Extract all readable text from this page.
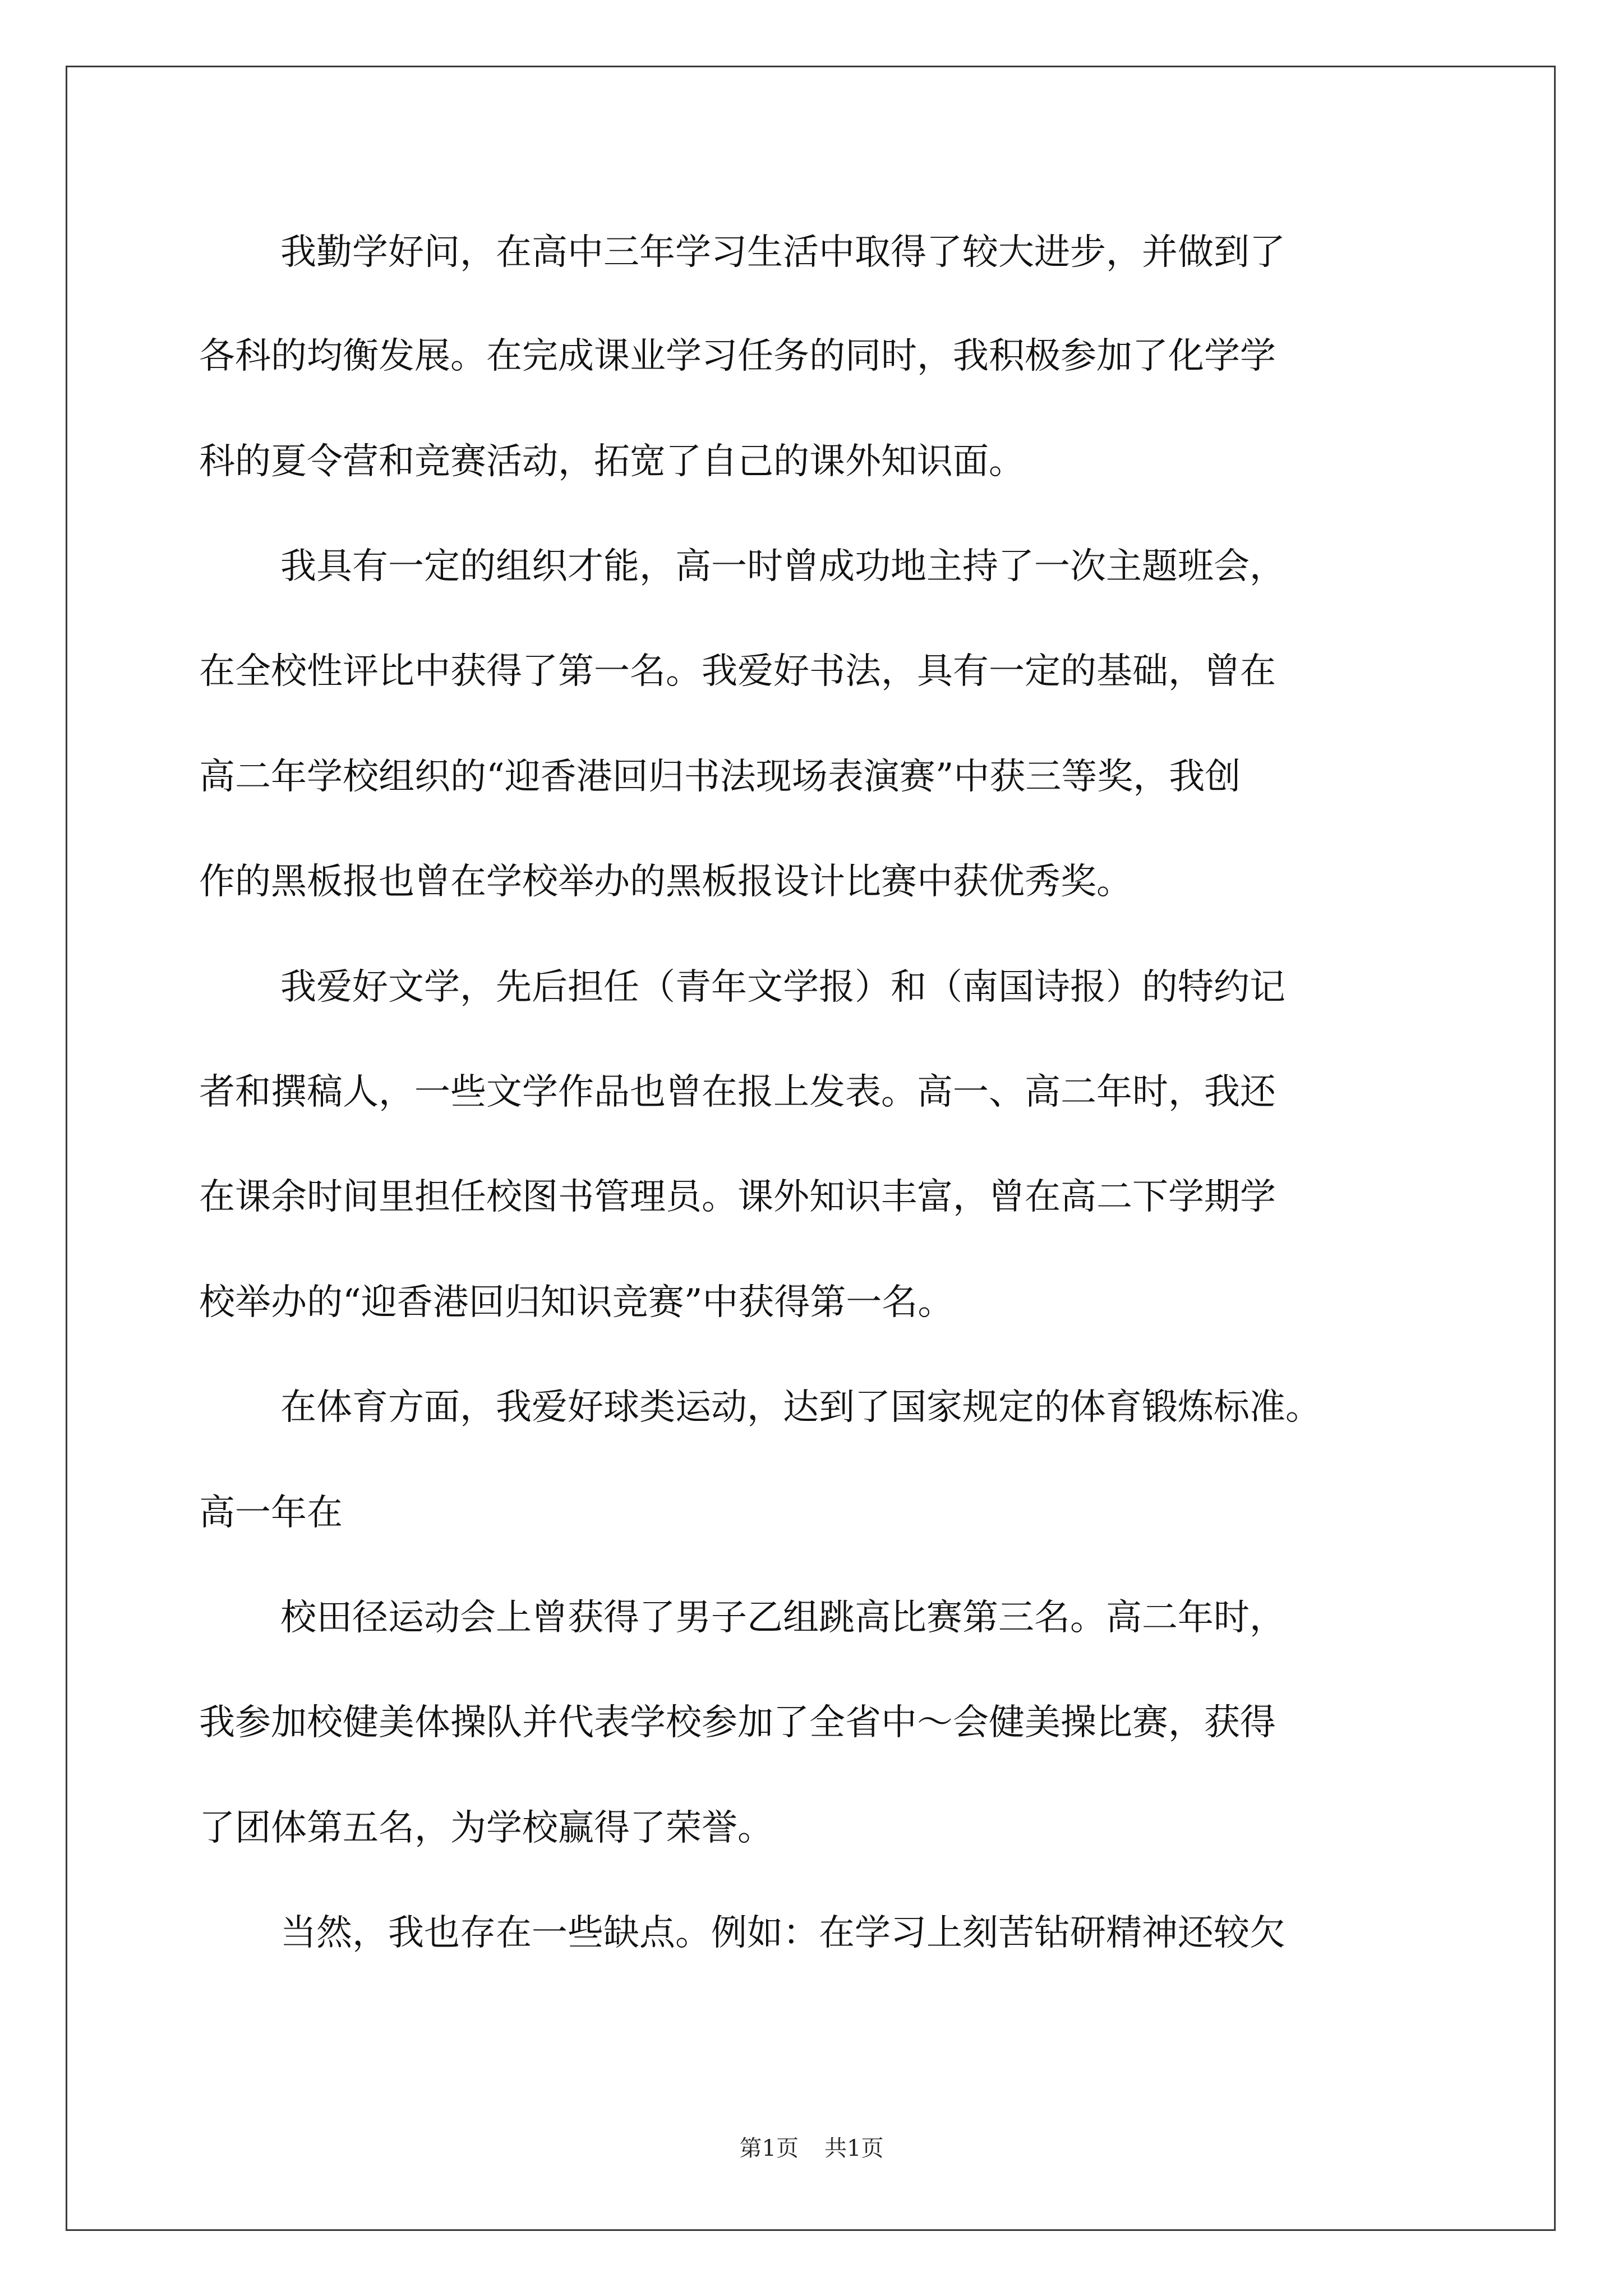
我勤学好问，在高中三年学习生活中取得了较大进步，并做到了
各科的均衡发展。在完成课业学习任务的同时，我积极参加了化学学
科的夏令营和竞赛活动，拓宽了自己的课外知识面。
我具有一定的组织才能，高一时曾成功地主持了一次主题班会，
在全校性评比中获得了第一名。我爱好书法，具有一定的基础，曾在
高二年学校组织的“迎香港回归书法现场表演赛”中获三等奖，我创
作的黑板报也曾在学校举办的黑板报设计比赛中获优秀奖。
我爱好文学，先后担任（青年文学报）和（南国诗报）的特约记
者和撰稿人，一些文学作品也曾在报上发表。高一、高二年时，我还
在课余时间里担任校图书管理员。课外知识丰富，曾在高二下学期学
校举办的“迎香港回归知识竞赛”中获得第一名。
在体育方面，我爱好球类运动，达到了国家规定的体育锻炼标准。
高一年在
校田径运动会上曾获得了男子乙组跳高比赛第三名。高二年时，
我参加校健美体操队并代表学校参加了全省中～会健美操比赛，获得
了团体第五名，为学校赢得了荣誉。
当然，我也存在一些缺点。例如：在学习上刻苦钻研精神还较欠
第1页 共1页
